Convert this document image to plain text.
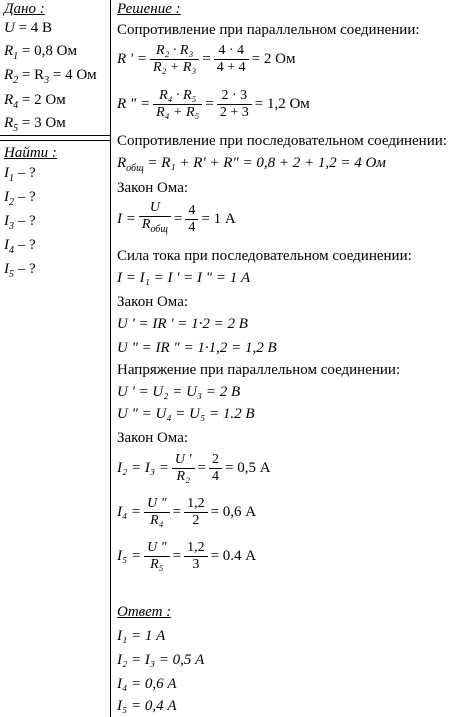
Дано :
U = 4 В
$R_1 = 0,8$ Ом
$R_2 = R_3 = 4$ Ом
$R_4 = 2$ Ом
$R_5 = 3$ Ом
Найти :
$I_1$ – ?
$I_2$ – ?
$I_3$ – ?
$I_4$ – ?
$I_5$ – ?
Решение :
Сопротивление при параллельном соединении:
R ' = $\frac{\text{R₂ · R₃}}{\text{R₂ + R₃}} = \frac{4 \cdot 4}{4 + 4} = 2$ Ом
R " = $\frac{\text{R₄ · R₅}}{\text{R₄ + R₅}} = \frac{2 \cdot 3}{2 + 3} = 1,2$ Ом
Сопротивление при последовательном соединении:
$R_{общ} = R_1 + R' + R$" = 0,8 + 2 + 1,2 = 4 Ом
Закон Ома:
$I = \frac{U}{R_{общ}} = \frac{4}{4} = 1$ А
Сила тока при последовательном соединении:
I = I₁ = I ' = I " = 1 А
Закон Ома:
U ' = IR ' = 1·2 = 2 В
U " = IR " = 1·1,2 = 1,2 В
Напряжение при параллельном соединении:
U ' = U₂ = U₃ = 2 В
U " = U₄ = U₅ = 1.2 В
Закон Ома:
$I_2 = I_3 = \frac{U '}{\text{R₂}} = \frac{2}{4} = 0,5$ А
$I_4 = \frac{U "}{\text{R₄}} = \frac{1,2}{2} = 0,6$ А
$I_5 = \frac{U "}{\text{R₅}} = \frac{1,2}{3} = 0.4$ А
Ответ :
I₁ = 1 А
I₂ = I₃ = 0,5 А
I₄ = 0,6 А
I₅ = 0,4 А
